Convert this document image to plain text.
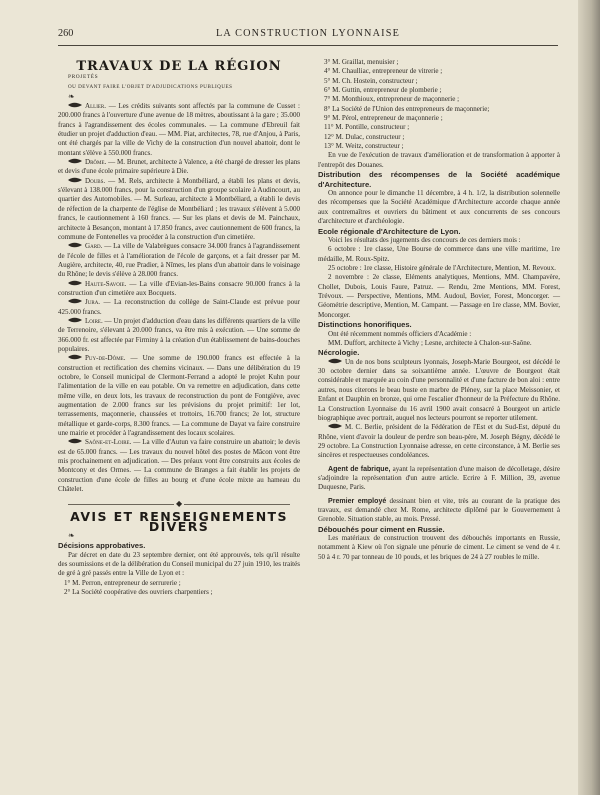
260	LA CONSTRUCTION LYONNAISE
TRAVAUX DE LA RÉGION

PROJETÉS

OU DEVANT FAIRE L'OBJET D'ADJUDICATIONS PUBLIQUES

❧

Allier. — Les crédits suivants sont affectés par la commune de Cusset : 200.000 francs à l'ouverture d'une avenue de 18 mètres, aboutissant à la gare ; 35.000 francs à l'agrandissement des écoles communales. — La commune d'Ebreuil fait étudier un projet d'adduction d'eau. — MM. Piat, architectes, 78, rue d'Anjou, à Paris, ont été chargés par la ville de Vichy de la construction d'un nouvel abattoir, dont le montant s'élève à 550.000 francs.

Drôme. — M. Brunet, architecte à Valence, a été chargé de dresser les plans et devis d'une école primaire supérieure à Die.

Doubs. — M. Rels, architecte à Montbéliard, a établi les plans et devis, s'élevant à 138.000 francs, pour la construction d'un groupe scolaire à Audincourt, au quartier des Automobiles. — M. Surleau, architecte à Montbéliard, a établi le devis de réfection de la charpente de l'église de Montbéliard ; les travaux s'élèvent à 5.000 francs, le cautionnement à 160 francs. — Sur les plans et devis de M. Painchaux, architecte à Besançon, montant à 17.850 francs, avec cautionnement de 600 francs, la commune de Fontenelles va procéder à la construction d'un cimetière.

Gard. — La ville de Valabrègues consacre 34.000 francs à l'agrandissement de l'école de filles et à l'amélioration de l'école de garçons, et a fait dresser par M. Augière, architecte, 40, rue Pradier, à Nîmes, les plans d'un abattoir dans le voisinage du Rhône; le devis s'élève à 28.000 francs.

Haute-Savoie. — La ville d'Evian-les-Bains consacre 90.000 francs à la construction d'un cimetière aux Bocquets.

Jura. — La reconstruction du collège de Saint-Claude est prévue pour 425.000 francs.

Loire. — Un projet d'adduction d'eau dans les différents quartiers de la ville de Terrenoire, s'élevant à 20.000 francs, va être mis à exécution. — Une somme de 366.000 fr. est affectée par Firminy à la création d'un établissement de bains-douches populaires.

Puy-de-Dôme. — Une somme de 190.000 francs est effectée à la construction et rectification des chemins vicinaux. — Dans une délibération du 19 octobre, le Conseil municipal de Clermont-Ferrand a adopté le projet Kuhn pour l'alimentation de la ville en eau potable. On va remettre en adjudication, dans cette même ville, en deux lots, les travaux de reconstruction du pont de Fontgiève, avec augmentation de 2.000 francs sur les prévisions du projet primitif: 1er lot, terrassements, maçonnerie, chaussées et trottoirs, 16.700 francs; 2e lot, structure métallique et garde-corps, 8.300 francs. — La commune de Dayat va faire construire une mairie et procéder à l'agrandissement des locaux scolaires.

Saône-et-Loire. — La ville d'Autun va faire construire un abattoir; le devis est de 65.000 francs. — Les travaux du nouvel hôtel des postes de Mâcon vont être mis prochainement en adjudication. — Des préaux vont être construits aux écoles de Montcony et des Ormes. — La commune de Branges a fait établir les projets de construction d'une école de filles au bourg et d'une école mixte au hameau du Châtelet.

◆
AVIS ET RENSEIGNEMENTS DIVERS

❧

Décisions approbatives.

Par décret en date du 23 septembre dernier, ont été approuvés, tels qu'il résulte des soumissions et de la délibération du Conseil municipal du 27 juin 1910, les traités de gré à gré passés entre la Ville de Lyon et :

1° M. Perron, entrepreneur de serrurerie ;

2° La Société coopérative des ouvriers charpentiers ;

3° M. Graillat, menuisier ;

4° M. Chaulliac, entrepreneur de vitrerie ;

5° M. Ch. Hostein, constructeur ;

6° M. Guttin, entrepreneur de plomberie ;

7° M. Monthioux, entrepreneur de maçonnerie ;

8° La Société de l'Union des entrepreneurs de maçonnerie;

9° M. Pérol, entrepreneur de maçonnerie ;

11° M. Pontille, constructeur ;

12° M. Dulac, constructeur ;

13° M. Weitz, constructeur ;

En vue de l'exécution de travaux d'amélioration et de transformation à apporter à l'entrepôt des Douanes.

Distribution des récompenses de la Société académique d'Architecture.

On annonce pour le dimanche 11 décembre, à 4 h. 1/2, la distribution solennelle des récompenses que la Société Académique d'Architecture accorde chaque année aux contremaîtres et ouvriers du bâtiment et aux concurrents de ses concours d'architecture et d'archéologie.

Ecole régionale d'Architecture de Lyon.

Voici les résultats des jugements des concours de ces derniers mois :

6 octobre : 1re classe, Une Bourse de commerce dans une ville maritime, 1re médaille, M. Roux-Spitz.

25 octobre : 1re classe, Histoire générale de l'Architecture, Mention, M. Revoux.

2 novembre : 2e classe, Eléments analytiques, Mentions, MM. Champavère, Chollet, Dubois, Louis Faure, Patruz. — Rendu, 2me Mentions, MM. Forest, Trévoux. — Perspective, Mentions, MM. Audoul, Bovier, Forest, Moncorger. — Géométrie descriptive, Mention, M. Campant. — Passage en 1re classe, MM. Bovier, Moncorger.

Distinctions honorifiques.

Ont été récemment nommés officiers d'Académie :

MM. Duffort, architecte à Vichy ; Lesne, architecte à Chalon-sur-Saône.

Nécrologie.

Un de nos bons sculpteurs lyonnais, Joseph-Marie Bourgeot, est décédé le 30 octobre dernier dans sa soixantième année. L'œuvre de Bourgeot était considérable et marquée au coin d'une personnalité et d'une facture de bon aloi : entre autres, nous citerons le beau buste en marbre de Pléney, sur la place Meissonier, et Enfant et Dauphin en bronze, qui orne l'escalier d'honneur de la Préfecture du Rhône. La Construction Lyonnaise du 16 avril 1900 avait consacré à Bourgeot un article biographique avec portrait, auquel nos lecteurs pourront se reporter utilement.

M. C. Berlie, président de la Fédération de l'Est et du Sud-Est, député du Rhône, vient d'avoir la douleur de perdre son beau-père, M. Joseph Bégny, décédé le 29 octobre. La Construction Lyonnaise adresse, en cette circonstance, à M. Berlie ses sincères et respectueuses condoléances.

Agent de fabrique, ayant la représentation d'une maison de décolletage, désire s'adjoindre la représentation d'un autre article. Ecrire à F. Million, 39, avenue Duquesne, Paris.

Premier employé dessinant bien et vite, très au courant de la pratique des travaux, est demandé chez M. Rome, architecte diplômé par le Gouvernement à Grenoble. Situation stable, au mois. Pressé.

Débouchés pour ciment en Russie.

Les matériaux de construction trouvent des débouchés importants en Russie, notamment à Kiew où l'on signale une pénurie de ciment. Le ciment se vend de 4 r. 50 à 4 r. 70 par tonneau de 10 pouds, et les briques de 24 à 27 roubles le mille.
